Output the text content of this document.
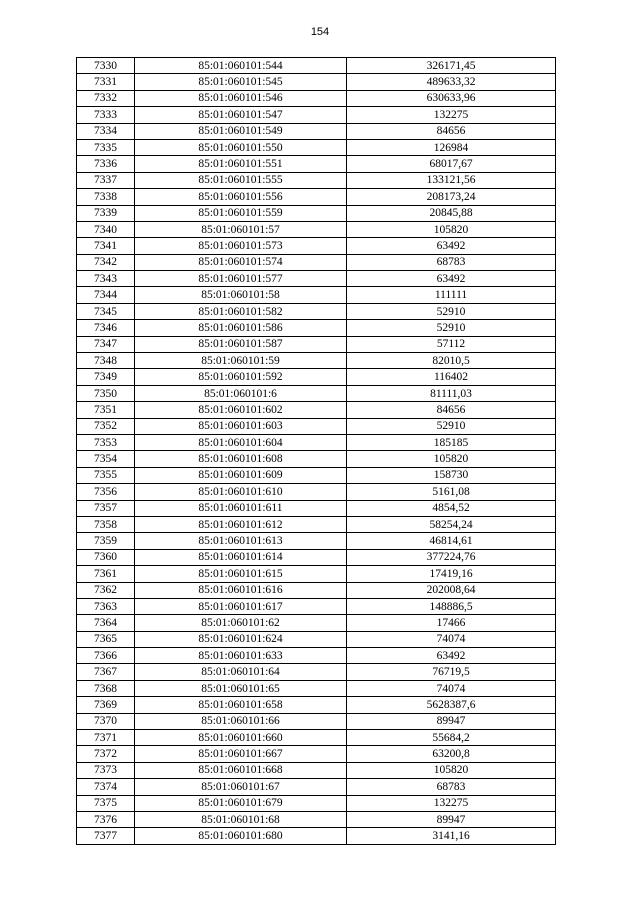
154
7330	85:01:060101:544	326171,45
7331	85:01:060101:545	489633,32
7332	85:01:060101:546	630633,96
7333	85:01:060101:547	132275
7334	85:01:060101:549	84656
7335	85:01:060101:550	126984
7336	85:01:060101:551	68017,67
7337	85:01:060101:555	133121,56
7338	85:01:060101:556	208173,24
7339	85:01:060101:559	20845,88
7340	85:01:060101:57	105820
7341	85:01:060101:573	63492
7342	85:01:060101:574	68783
7343	85:01:060101:577	63492
7344	85:01:060101:58	111111
7345	85:01:060101:582	52910
7346	85:01:060101:586	52910
7347	85:01:060101:587	57112
7348	85:01:060101:59	82010,5
7349	85:01:060101:592	116402
7350	85:01:060101:6	81111,03
7351	85:01:060101:602	84656
7352	85:01:060101:603	52910
7353	85:01:060101:604	185185
7354	85:01:060101:608	105820
7355	85:01:060101:609	158730
7356	85:01:060101:610	5161,08
7357	85:01:060101:611	4854,52
7358	85:01:060101:612	58254,24
7359	85:01:060101:613	46814,61
7360	85:01:060101:614	377224,76
7361	85:01:060101:615	17419,16
7362	85:01:060101:616	202008,64
7363	85:01:060101:617	148886,5
7364	85:01:060101:62	17466
7365	85:01:060101:624	74074
7366	85:01:060101:633	63492
7367	85:01:060101:64	76719,5
7368	85:01:060101:65	74074
7369	85:01:060101:658	5628387,6
7370	85:01:060101:66	89947
7371	85:01:060101:660	55684,2
7372	85:01:060101:667	63200,8
7373	85:01:060101:668	105820
7374	85:01:060101:67	68783
7375	85:01:060101:679	132275
7376	85:01:060101:68	89947
7377	85:01:060101:680	3141,16
